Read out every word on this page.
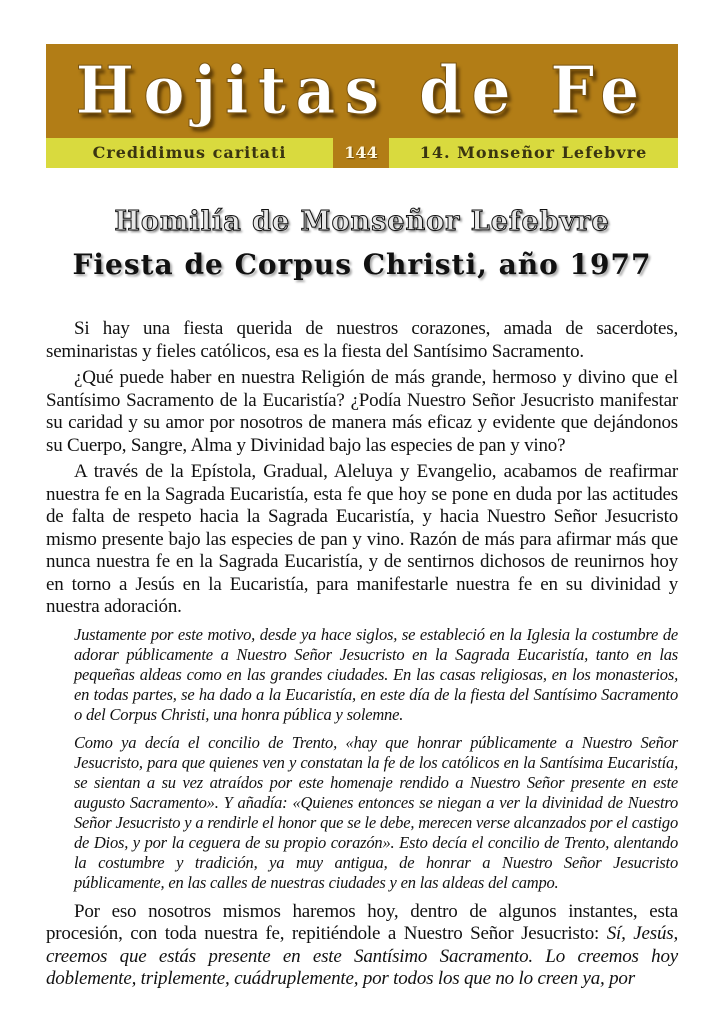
Hojitas de Fe
Credidimus caritati	144	14. Monseñor Lefebvre
Homilía de Monseñor Lefebvre
Fiesta de Corpus Christi, año 1977

Si hay una fiesta querida de nuestros corazones, amada de sacerdotes, seminaristas y fieles católicos, esa es la fiesta del Santísimo Sacramento.

¿Qué puede haber en nuestra Religión de más grande, hermoso y divino que el Santísimo Sacramento de la Eucaristía? ¿Podía Nuestro Señor Jesucristo manifestar su caridad y su amor por nosotros de manera más eficaz y evidente que dejándonos su Cuerpo, Sangre, Alma y Divinidad bajo las especies de pan y vino?

A través de la Epístola, Gradual, Aleluya y Evangelio, acabamos de reafirmar nuestra fe en la Sagrada Eucaristía, esta fe que hoy se pone en duda por las actitudes de falta de respeto hacia la Sagrada Eucaristía, y hacia Nuestro Señor Jesucristo mismo presente bajo las especies de pan y vino. Razón de más para afirmar más que nunca nuestra fe en la Sagrada Eucaristía, y de sentirnos dichosos de reunirnos hoy en torno a Jesús en la Eucaristía, para manifestarle nuestra fe en su divinidad y nuestra adoración.

Justamente por este motivo, desde ya hace siglos, se estableció en la Iglesia la costumbre de adorar públicamente a Nuestro Señor Jesucristo en la Sagrada Eucaristía, tanto en las pequeñas aldeas como en las grandes ciudades. En las casas religiosas, en los monasterios, en todas partes, se ha dado a la Eucaristía, en este día de la fiesta del Santísimo Sacramento o del Corpus Christi, una honra pública y solemne.

Como ya decía el concilio de Trento, «hay que honrar públicamente a Nuestro Señor Jesucristo, para que quienes ven y constatan la fe de los católicos en la Santísima Eucaristía, se sientan a su vez atraídos por este homenaje rendido a Nuestro Señor presente en este augusto Sacramento». Y añadía: «Quienes entonces se niegan a ver la divinidad de Nuestro Señor Jesucristo y a rendirle el honor que se le debe, merecen verse alcanzados por el castigo de Dios, y por la ceguera de su propio corazón». Esto decía el concilio de Trento, alentando la costumbre y tradición, ya muy antigua, de honrar a Nuestro Señor Jesucristo públicamente, en las calles de nuestras ciudades y en las aldeas del campo.

Por eso nosotros mismos haremos hoy, dentro de algunos instantes, esta procesión, con toda nuestra fe, repitiéndole a Nuestro Señor Jesucristo: Sí, Jesús, creemos que estás presente en este Santísimo Sacramento. Lo creemos hoy doblemente, triplemente, cuádruplemente, por todos los que no lo creen ya, por
